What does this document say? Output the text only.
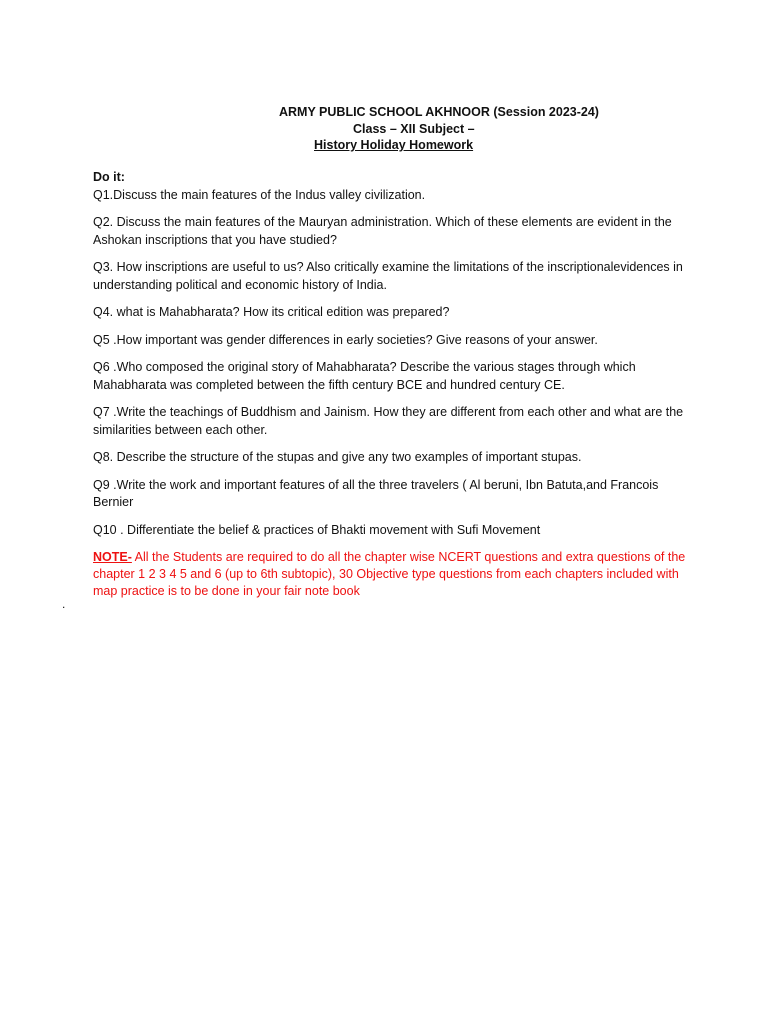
ARMY PUBLIC SCHOOL AKHNOOR (Session 2023-24)
Class – XII Subject –
History Holiday Homework

Do it:

Q1.Discuss the main features of the Indus valley civilization.

Q2. Discuss the main features of the Mauryan administration. Which of these elements are evident in the Ashokan inscriptions that you have studied?

Q3. How inscriptions are useful to us? Also critically examine the limitations of the inscriptionalevidences in understanding political and economic history of India.

Q4. what is Mahabharata? How its critical edition was prepared?

Q5 .How important was gender differences in early societies? Give reasons of your answer.

Q6 .Who composed the original story of Mahabharata? Describe the various stages through which Mahabharata was completed between the fifth century BCE and hundred century CE.

Q7 .Write the teachings of Buddhism and Jainism. How they are different from each other and what are the similarities between each other.

Q8. Describe the structure of the stupas and give any two examples of important stupas.

Q9 .Write the work and important features of all the three travelers ( Al beruni, Ibn Batuta,and Francois Bernier

Q10 . Differentiate the belief & practices of Bhakti movement with Sufi Movement

NOTE- All the Students are required to do all the chapter wise NCERT questions and extra questions of the chapter 1 2 3 4 5 and 6 (up to 6th subtopic), 30 Objective type questions from each chapters included with map practice is to be done in your fair note book

.
